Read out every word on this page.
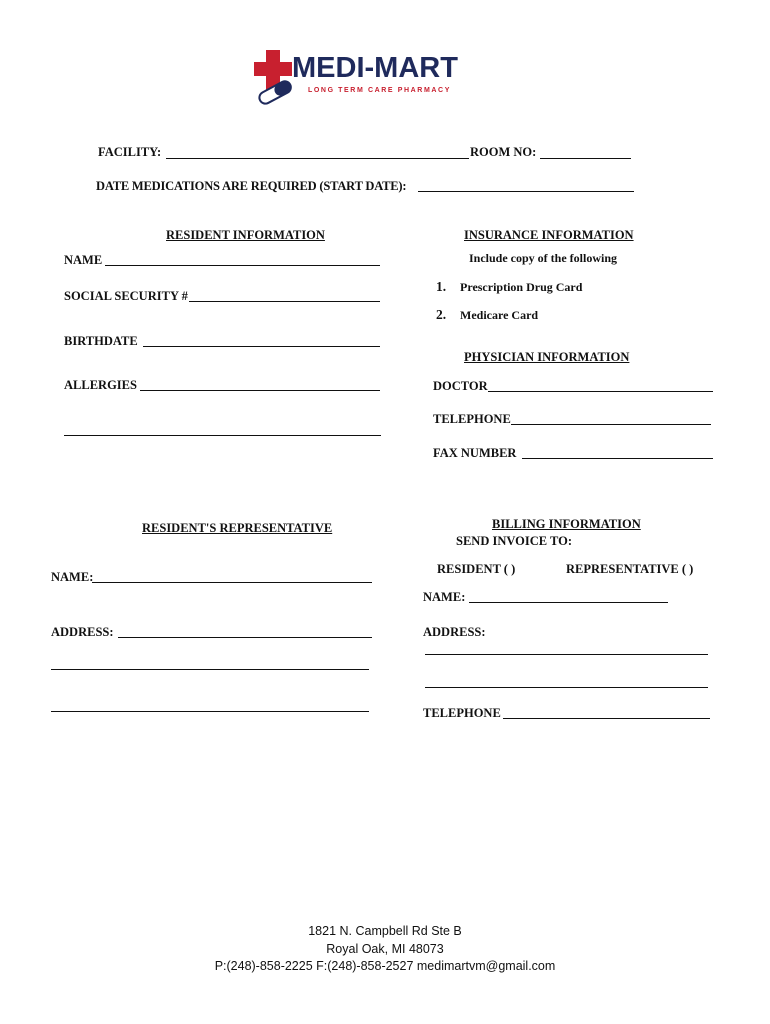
MEDI-MART
LONG TERM CARE PHARMACY
FACILITY:	ROOM NO:
DATE MEDICATIONS ARE REQUIRED (START DATE):
RESIDENT INFORMATION
NAME
SOCIAL SECURITY #
BIRTHDATE
ALLERGIES
INSURANCE INFORMATION
Include copy of the following
1. Prescription Drug Card
2. Medicare Card
PHYSICIAN INFORMATION
DOCTOR
TELEPHONE
FAX NUMBER
RESIDENT'S REPRESENTATIVE
NAME:
ADDRESS:
BILLING INFORMATION
SEND INVOICE TO:
RESIDENT ( )	REPRESENTATIVE ( )
NAME:
ADDRESS:
TELEPHONE
1821 N. Campbell Rd Ste B
Royal Oak, MI 48073
P:(248)-858-2225 F:(248)-858-2527 medimartvm@gmail.com
